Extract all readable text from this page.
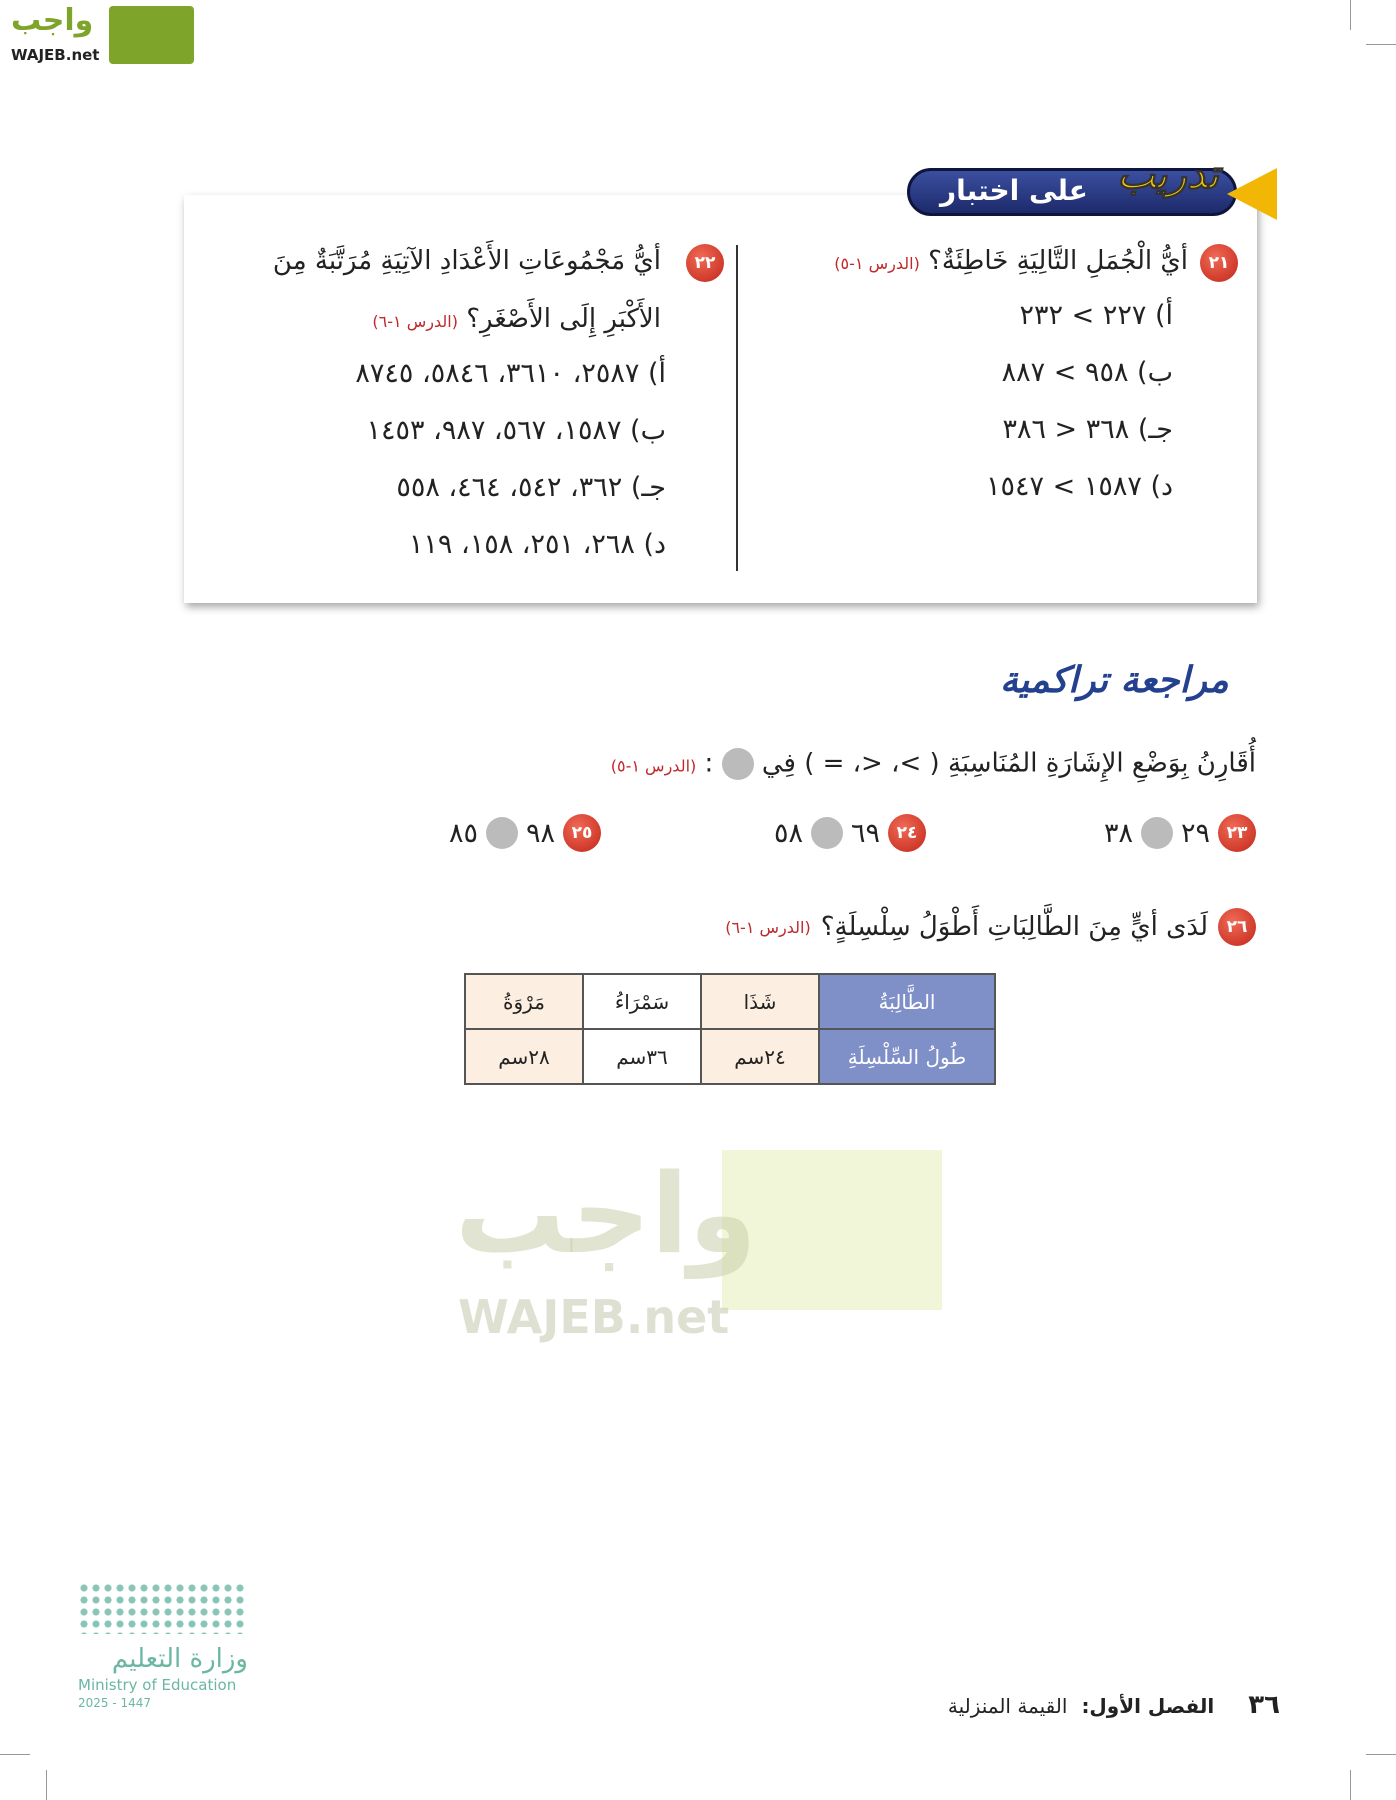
واجب
WAJEB.net
واجب
WAJEB.net
على اختبار تدريب
٢١
أيُّ الْجُمَلِ التَّالِيَةِ خَاطِئَةٌ؟ (الدرس ١-٥)
أ) ٢٢٧ > ٢٣٢
ب) ٩٥٨ > ٨٨٧
جـ) ٣٦٨ < ٣٨٦
د) ١٥٨٧ > ١٥٤٧
٢٢
أيُّ مَجْمُوعَاتِ الأَعْدَادِ الآتِيَةِ مُرَتَّبَةٌ مِنَ
الأَكْبَرِ إِلَى الأَصْغَرِ؟ (الدرس ١-٦)
أ) ٢٥٨٧، ٣٦١٠، ٥٨٤٦، ٨٧٤٥
ب) ١٥٨٧، ٥٦٧، ٩٨٧، ١٤٥٣
جـ) ٣٦٢، ٥٤٢، ٤٦٤، ٥٥٨
د) ٢٦٨، ٢٥١، ١٥٨، ١١٩
مراجعة تراكمية
أُقَارِنُ بِوَضْعِ الإِشَارَةِ المُنَاسِبَةِ ( >، <، = ) فِي  : (الدرس ١-٥)
٢٣
٢٩
٣٨
٢٤
٦٩
٥٨
٢٥
٩٨
٨٥
٢٦
لَدَى أيٍّ مِنَ الطَّالِبَاتِ أَطْوَلُ سِلْسِلَةٍ؟
(الدرس ١-٦)
الطَّالِبَةُ	شَذَا	سَمْرَاءُ	مَرْوَةُ
طُولُ السِّلْسِلَةِ	٢٤سم	٣٦سم	٢٨سم
وزارة التعليم
Ministry of Education
2025 - 1447	٣٦
الفصل الأول:
القيمة المنزلية
